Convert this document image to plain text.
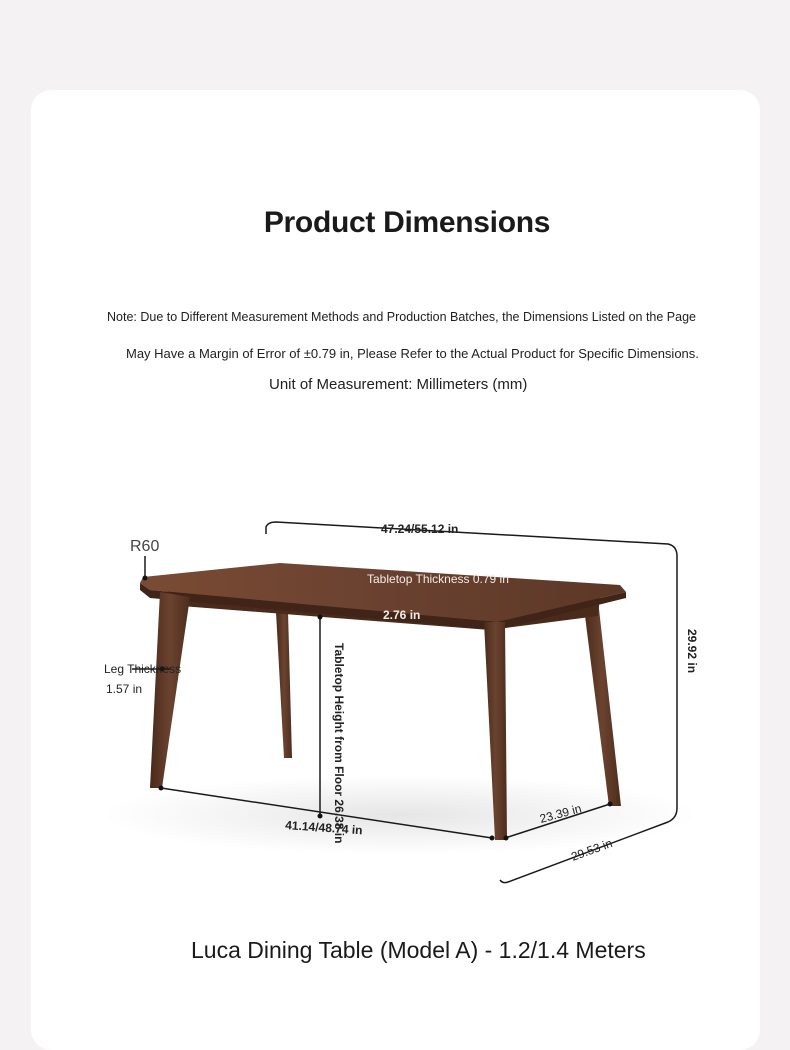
Product Dimensions
Note: Due to Different Measurement Methods and Production Batches, the Dimensions Listed on the Page
May Have a Margin of Error of ±0.79 in, Please Refer to the Actual Product for Specific Dimensions.
Unit of Measurement: Millimeters (mm)
R60
47.24/55.12 in
Tabletop Thickness 0.79 in
2.76 in
29.92 in
Leg Thickness
1.57 in	Tabletop Height from Floor 26.38 in
41.14/48.74 in
23.39 in
29.53 in
Luca Dining Table (Model A) - 1.2/1.4 Meters
